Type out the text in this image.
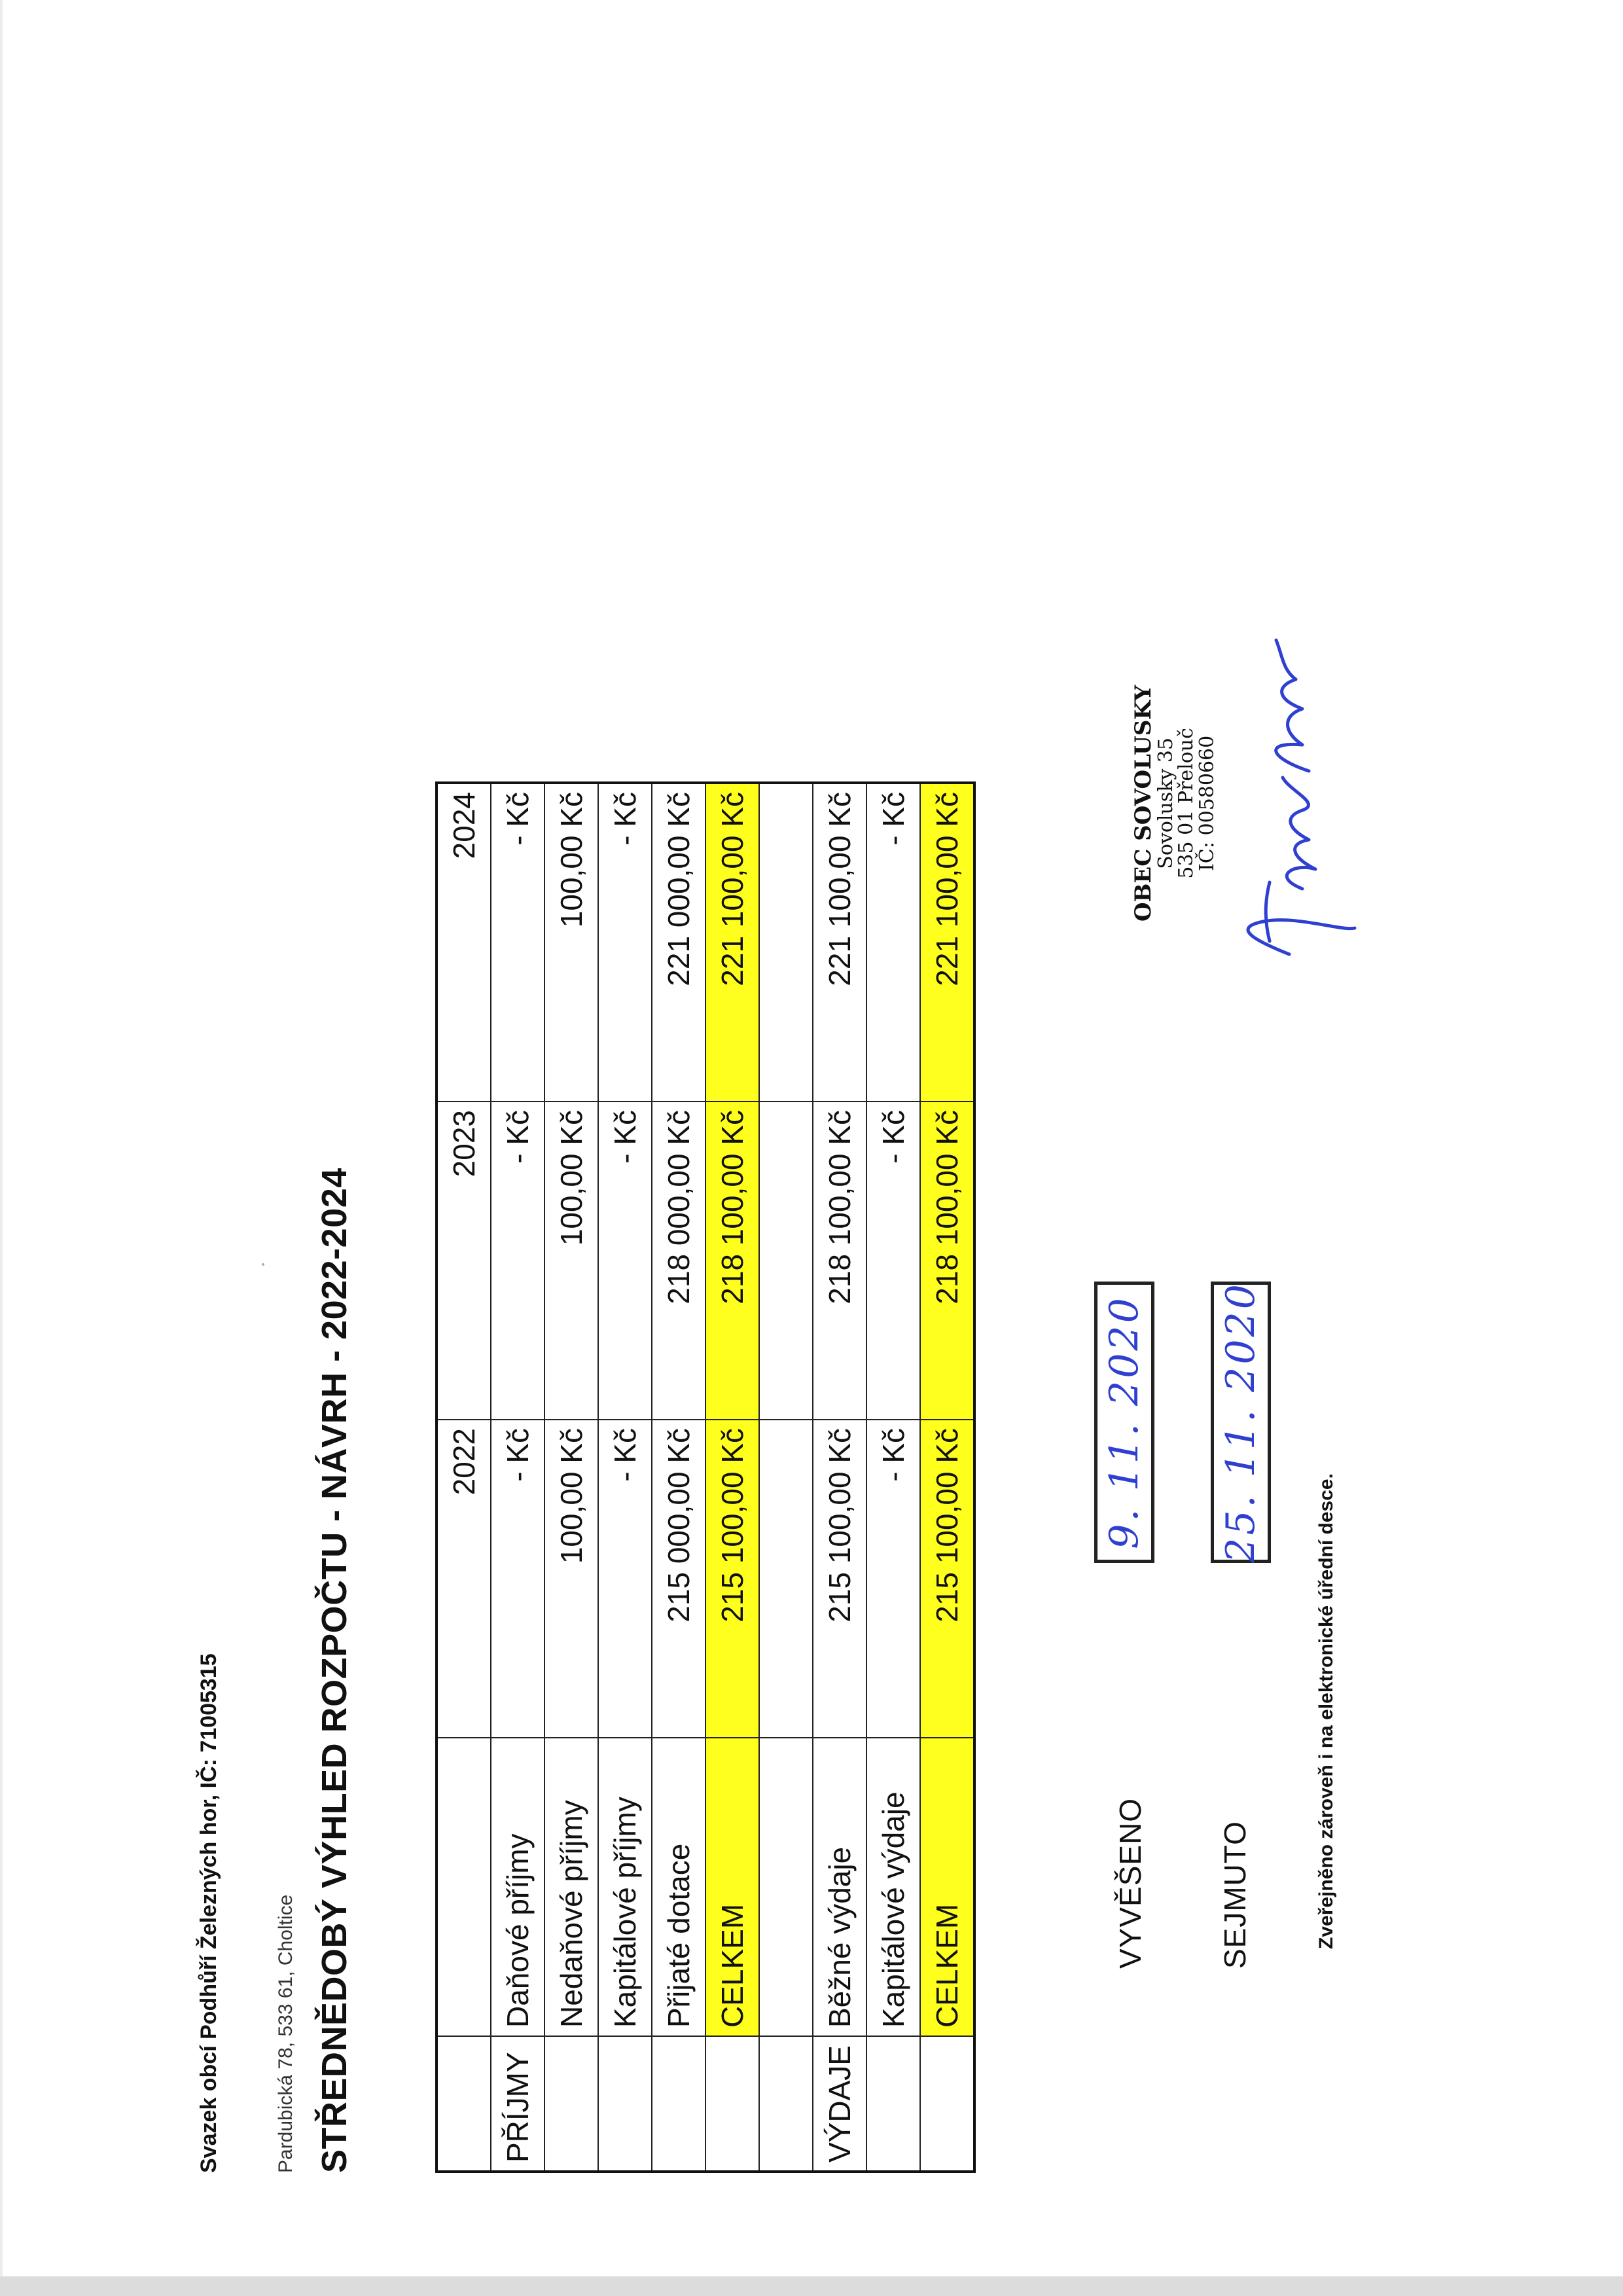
Svazek obcí Podhůří Železných hor, IČ: 71005315	Pardubická 78, 533 61, Choltice STŘEDNĚDOBÝ VÝHLED ROZPOČTU - NÁVRH - 2022-2024
			2022	2023	2024
PŘÍJMY	Daňové příjmy	- Kč	- Kč	- Kč
	Nedaňové příjmy	100,00 Kč	100,00 Kč	100,00 Kč
	Kapitálové příjmy	- Kč	- Kč	- Kč
	Přijaté dotace	215 000,00 Kč	218 000,00 Kč	221 000,00 Kč
	CELKEM	215 100,00 Kč	218 100,00 Kč	221 100,00 Kč

VÝDAJE	Běžné výdaje	215 100,00 Kč	218 100,00 Kč	221 100,00 Kč
	Kapitálové výdaje	- Kč	- Kč	- Kč
	CELKEM	215 100,00 Kč	218 100,00 Kč	221 100,00 Kč
VYVĚŠENO
9. 11. 2020
SEJMUTO
25. 11. 2020
Zveřejněno zároveň i na elektronické úřední desce.
OBEC SOVOLUSKY
Sovolusky 35
535 01 Přelouč
IČ: 00580660
